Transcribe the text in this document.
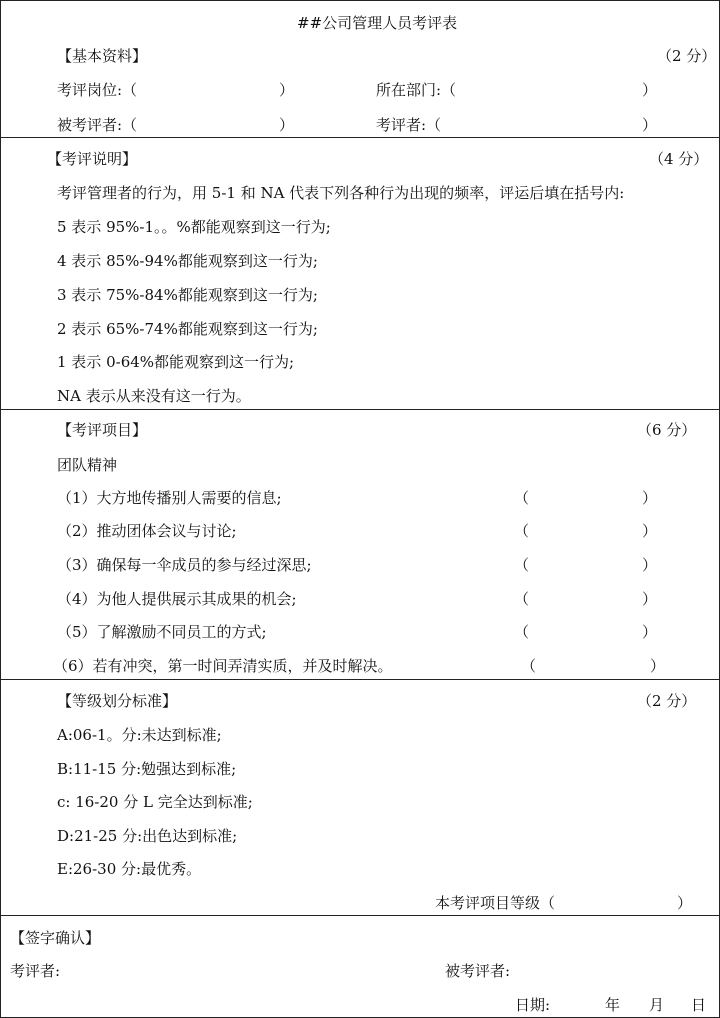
##公司管理人员考评表
【基本资料】	（2 分）
考评岗位:（	）	所在部门:（	）
被考评者:（	）	考评者:（	）
【考评说明】	（4 分）
考评管理者的行为，用 5-1 和 NA 代表下列各种行为出现的频率，评运后填在括号内:
5 表示 95%-1。。%都能观察到这一行为;
4 表示 85%-94%都能观察到这一行为;
3 表示 75%-84%都能观察到这一行为;
2 表示 65%-74%都能观察到这一行为;
1 表示 0-64%都能观察到这一行为;
NA 表示从来没有这一行为。
【考评项目】	（6 分）
团队精神
（1）大方地传播别人需要的信息;	（	）
（2）推动团体会议与讨论;	（	）
（3）确保每一伞成员的参与经过深思;	（	）
（4）为他人提供展示其成果的机会;	（	）
（5）了解激励不同员工的方式;	（	）
（6）若有冲突，第一时间弄清实质，并及时解决。	（	）
【等级划分标准】	（2 分）
A:06-1。分:未达到标准;
B:11-15 分:勉强达到标准;
c: 16-20 分 L 完全达到标准;
D:21-25 分:出色达到标准;
E:26-30 分:最优秀。
本考评项目等级（	）
【签字确认】
考评者:	被考评者:
日期:	年 月 日
